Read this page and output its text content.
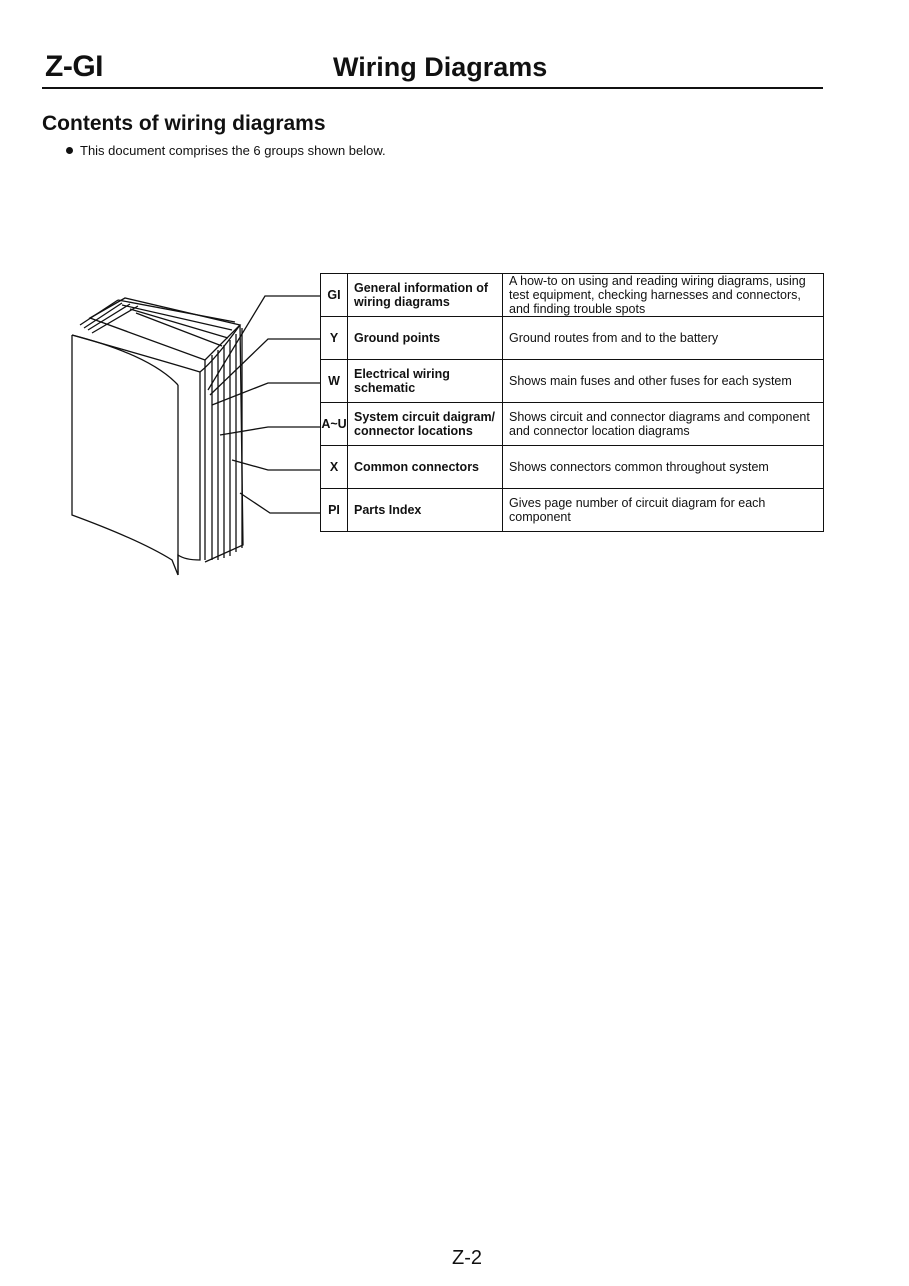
Z-GI	Wiring Diagrams
Contents of wiring diagrams
This document comprises the 6 groups shown below.
GI	General information of wiring diagrams	A how-to on using and reading wiring diagrams, using test equipment, checking harnesses and connectors, and finding trouble spots
Y	Ground points	Ground routes from and to the battery
W	Electrical wiring schematic	Shows main fuses and other fuses for each system
A~U	System circuit daigram/ connector locations	Shows circuit and connector diagrams and component and connector location diagrams
X	Common connectors	Shows connectors common throughout system
PI	Parts Index	Gives page number of circuit diagram for each component
Z-2
